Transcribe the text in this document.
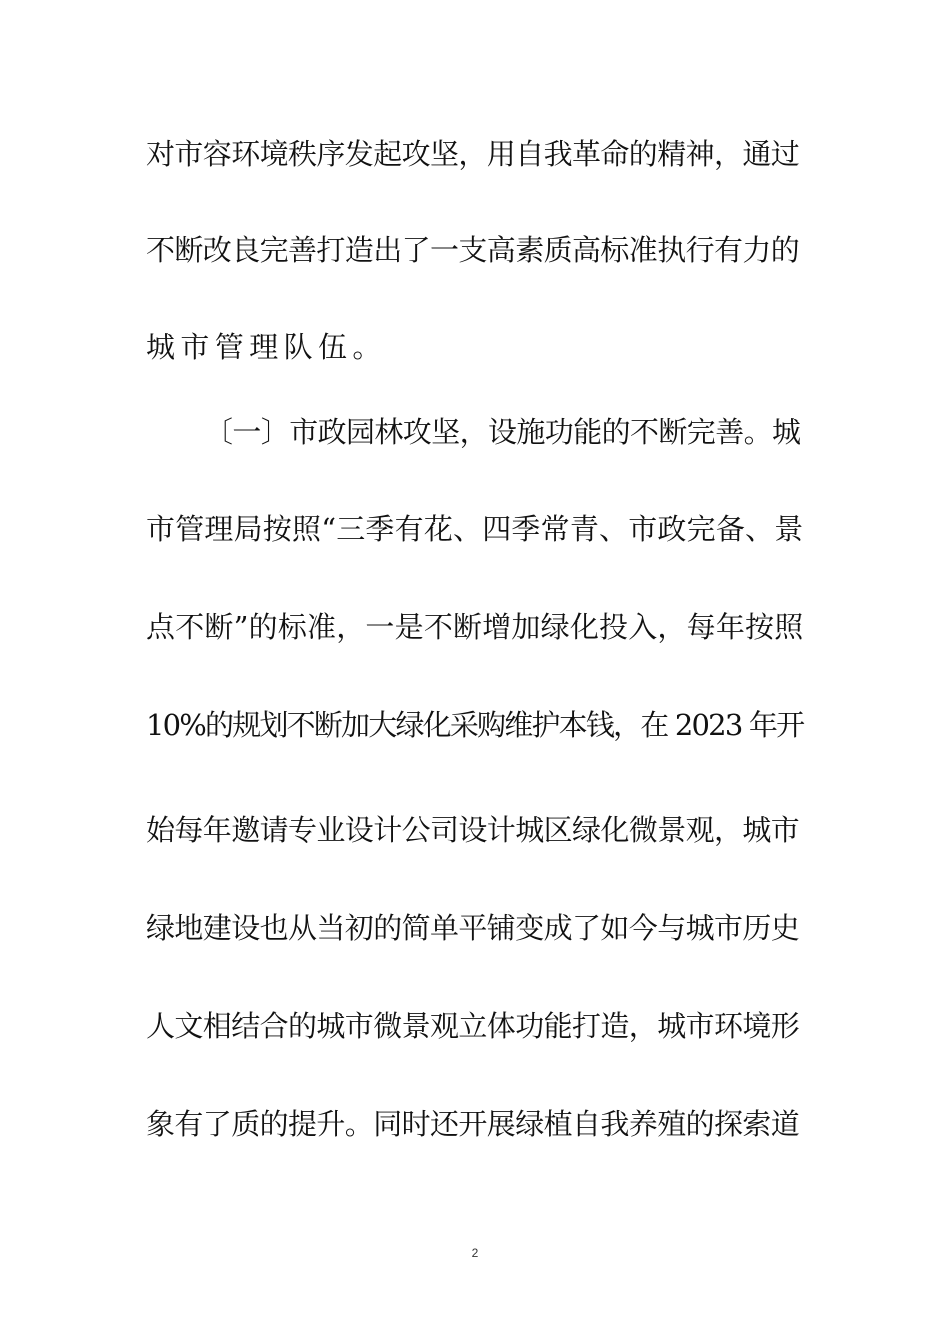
对市容环境秩序发起攻坚，用自我革命的精神，通过
不断改良完善打造出了一支高素质高标准执行有力的
城市管理队伍。
〔一〕市政园林攻坚，设施功能的不断完善。城
市管理局按照“三季有花、四季常青、市政完备、景
点不断”的标准，一是不断增加绿化投入，每年按照
10%的规划不断加大绿化采购维护本钱，在 2023 年开
始每年邀请专业设计公司设计城区绿化微景观，城市
绿地建设也从当初的简单平铺变成了如今与城市历史
人文相结合的城市微景观立体功能打造，城市环境形
象有了质的提升。同时还开展绿植自我养殖的探索道
2
